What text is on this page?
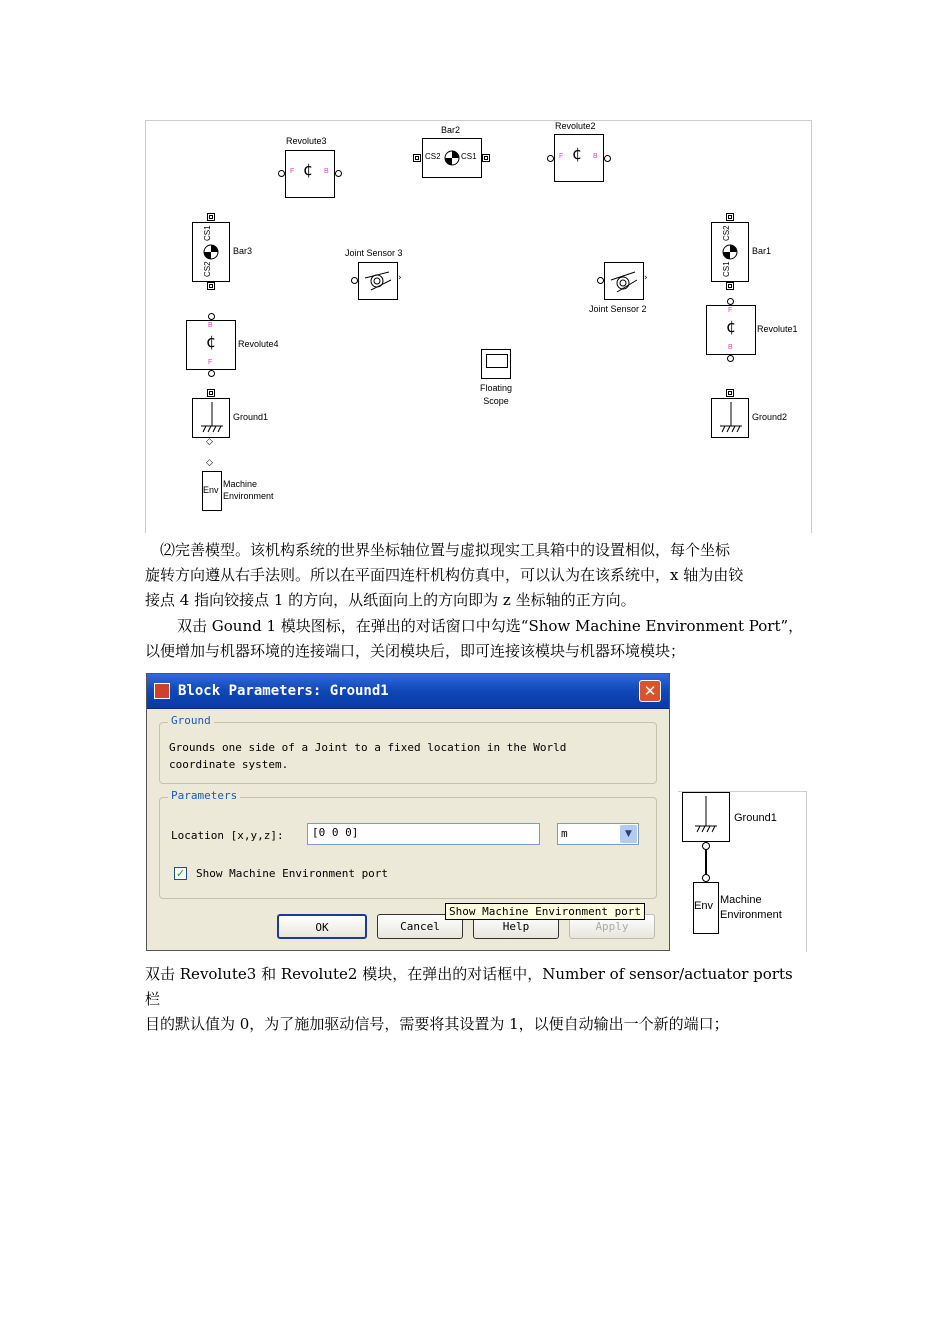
Revolute3
F	B
¢
Bar2
CS2	CS1
Revolute2
F	B
¢
CS1
CS2
Bar3	Joint Sensor 3
›	›
Joint Sensor 2
CS2
CS1
Bar1
B
¢
F
Revolute4
F
¢
B
Revolute1
Floating
Scope
Ground1
◇
Ground2
◇
Env
Machine
Environment
⑵完善模型。该机构系统的世界坐标轴位置与虚拟现实工具箱中的设置相似，每个坐标
旋转方向遵从右手法则。所以在平面四连杆机构仿真中，可以认为在该系统中，x 轴为由铰
接点 4 指向铰接点 1 的方向，从纸面向上的方向即为 z 坐标轴的正方向。
双击 Gound 1 模块图标，在弹出的对话窗口中勾选“Show Machine Environment Port”，
以便增加与机器环境的连接端口，关闭模块后，即可连接该模块与机器环境模块；
Block Parameters: Ground1	✕
Ground
Grounds one side of a Joint to a fixed location in the World
coordinate system.
Parameters
Location [x,y,z]:	[0 0 0]	m	▼
✓ Show Machine Environment port
OK	Cancel	Help	Apply
Show Machine Environment port
Ground1
Env Machine
Environment
双击 Revolute3 和 Revolute2 模块，在弹出的对话框中，Number of sensor/actuator ports 栏
目的默认值为 0，为了施加驱动信号，需要将其设置为 1，以便自动输出一个新的端口；
